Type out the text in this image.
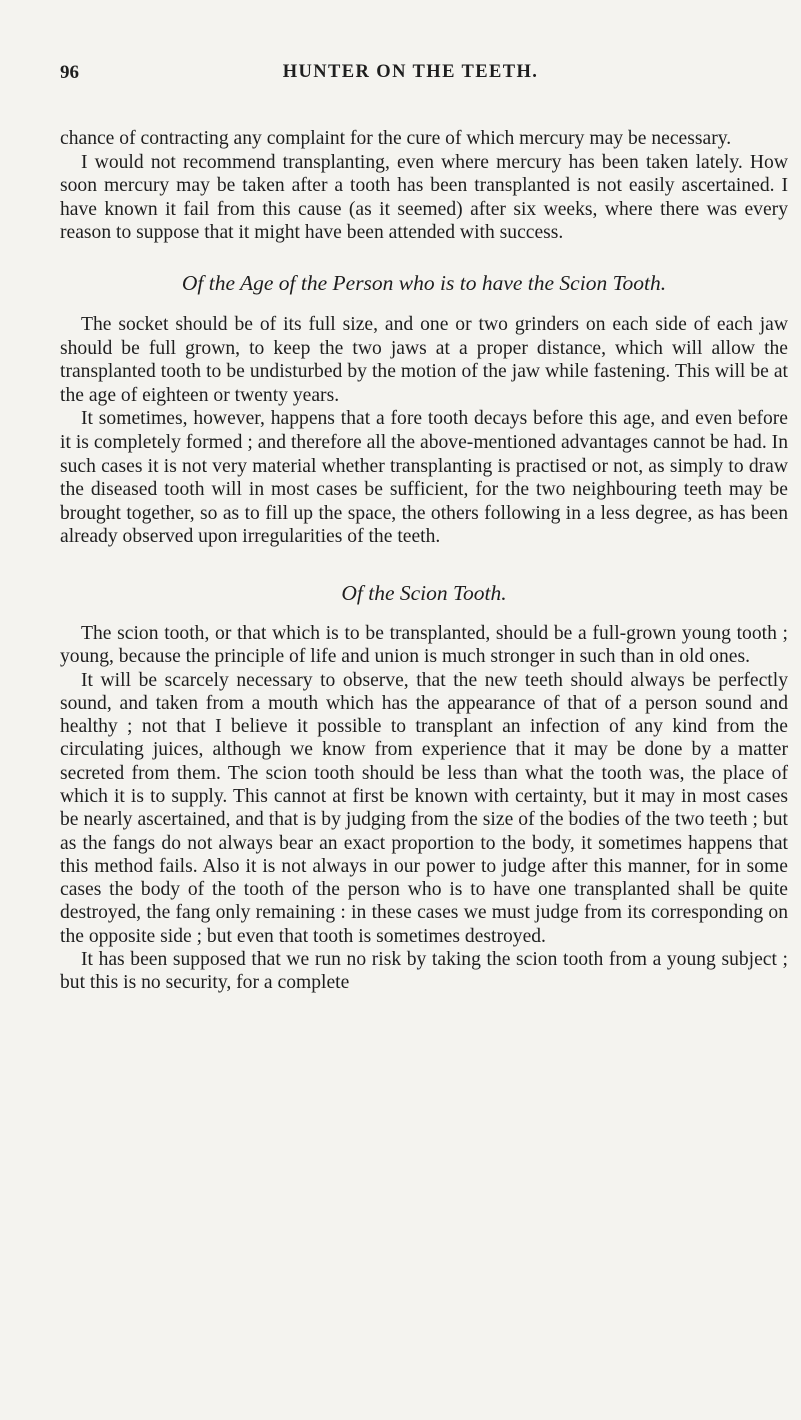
96	HUNTER ON THE TEETH.

chance of contracting any complaint for the cure of which mercury may be necessary.

I would not recommend transplanting, even where mercury has been taken lately. How soon mercury may be taken after a tooth has been transplanted is not easily ascertained. I have known it fail from this cause (as it seemed) after six weeks, where there was every reason to suppose that it might have been attended with success.

Of the Age of the Person who is to have the Scion Tooth.

The socket should be of its full size, and one or two grinders on each side of each jaw should be full grown, to keep the two jaws at a proper distance, which will allow the transplanted tooth to be undisturbed by the motion of the jaw while fastening. This will be at the age of eighteen or twenty years.

It sometimes, however, happens that a fore tooth decays before this age, and even before it is completely formed ; and therefore all the above-mentioned advantages cannot be had. In such cases it is not very material whether transplanting is practised or not, as simply to draw the diseased tooth will in most cases be sufficient, for the two neighbouring teeth may be brought together, so as to fill up the space, the others following in a less degree, as has been already observed upon irregularities of the teeth.

Of the Scion Tooth.

The scion tooth, or that which is to be transplanted, should be a full-grown young tooth ; young, because the principle of life and union is much stronger in such than in old ones.

It will be scarcely necessary to observe, that the new teeth should always be perfectly sound, and taken from a mouth which has the appearance of that of a person sound and healthy ; not that I believe it possible to transplant an infection of any kind from the circulating juices, although we know from experience that it may be done by a matter secreted from them. The scion tooth should be less than what the tooth was, the place of which it is to supply. This cannot at first be known with certainty, but it may in most cases be nearly ascertained, and that is by judging from the size of the bodies of the two teeth ; but as the fangs do not always bear an exact proportion to the body, it sometimes happens that this method fails. Also it is not always in our power to judge after this manner, for in some cases the body of the tooth of the person who is to have one transplanted shall be quite destroyed, the fang only remaining : in these cases we must judge from its corresponding on the opposite side ; but even that tooth is sometimes destroyed.

It has been supposed that we run no risk by taking the scion tooth from a young subject ; but this is no security, for a complete
